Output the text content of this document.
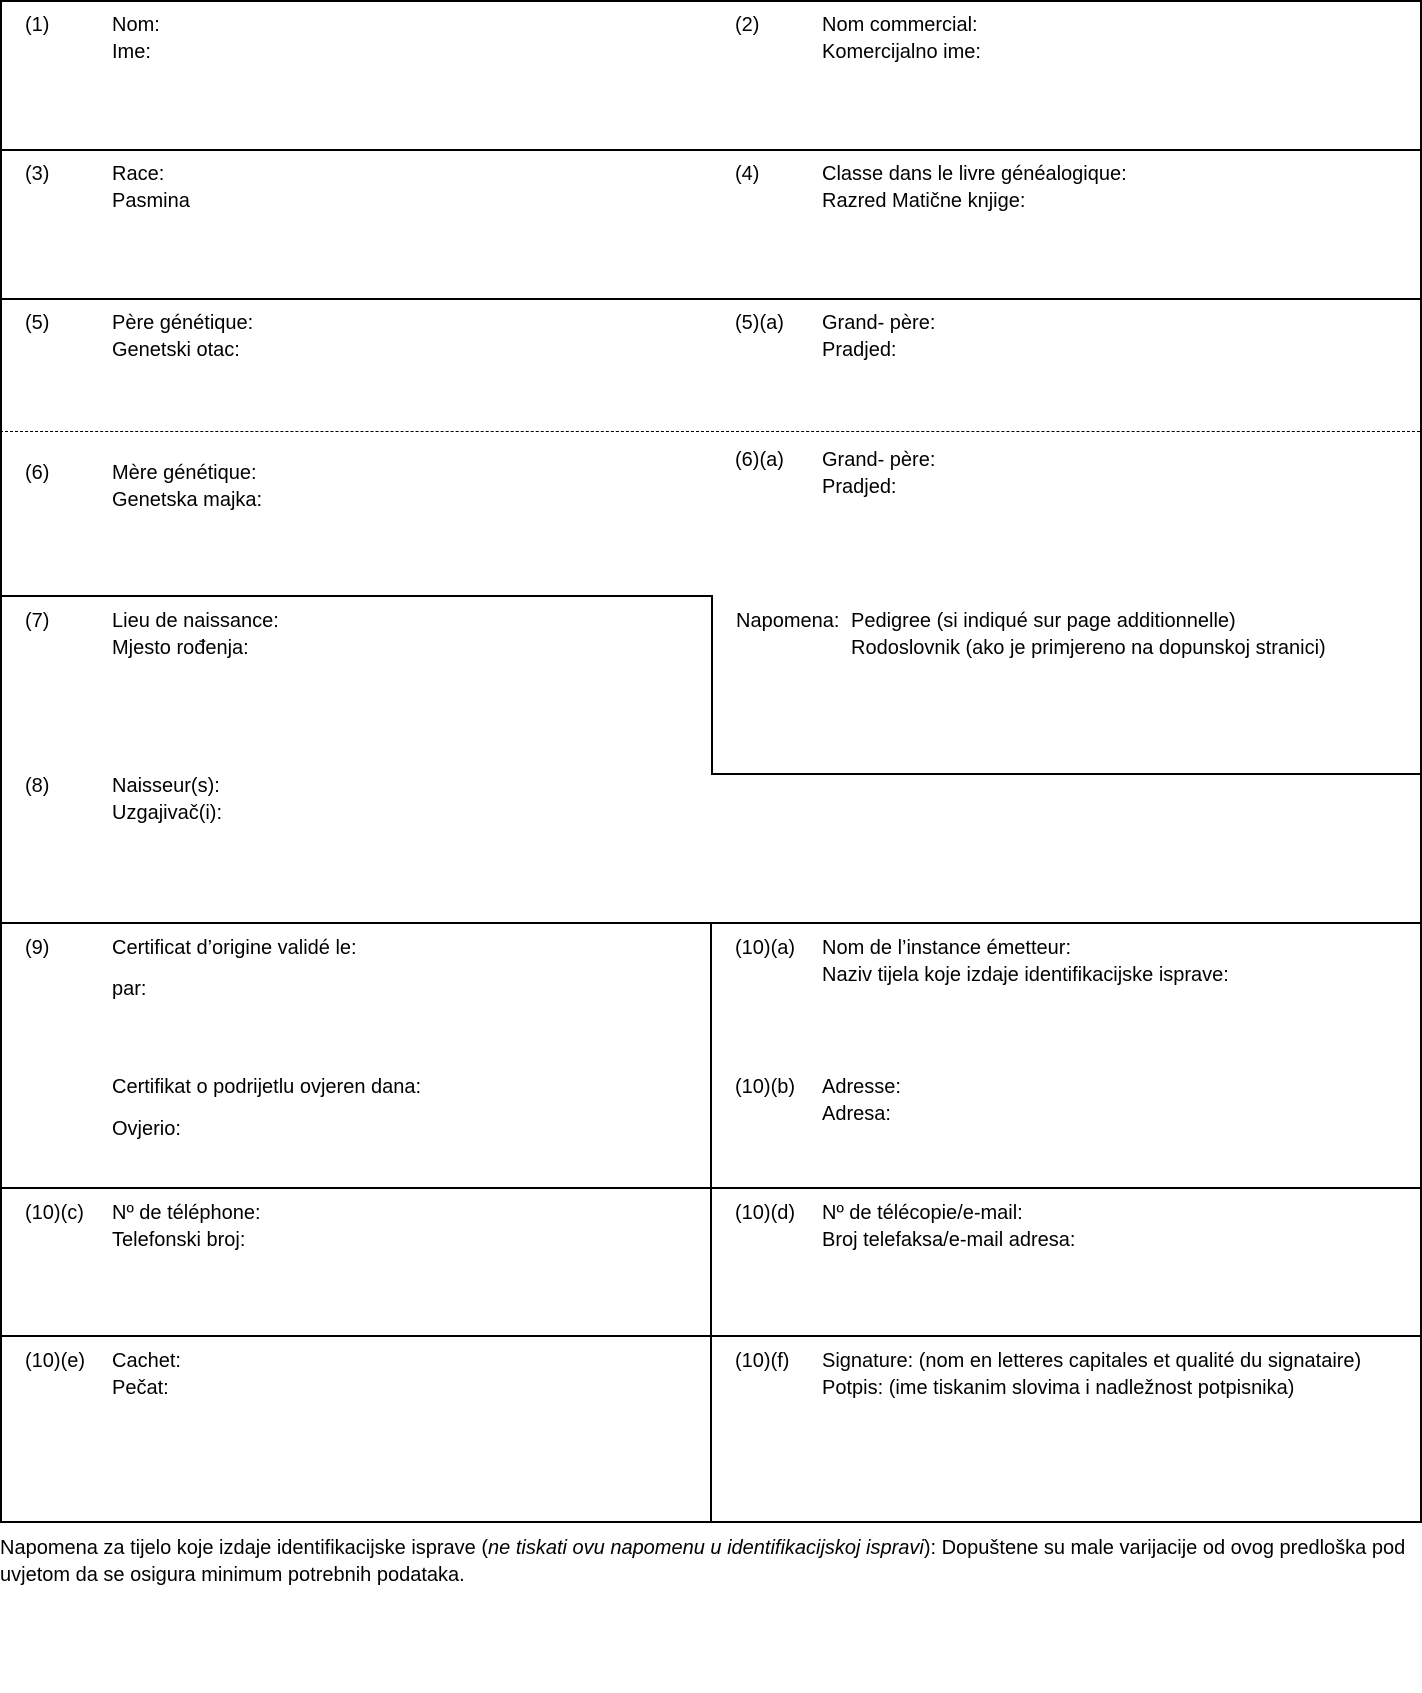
(1)	Nom:
Ime:
(2)	Nom commercial:
Komercijalno ime:
(3)	Race:
Pasmina
(4)	Classe dans le livre généalogique:
Razred Matične knjige:
(5)	Père génétique:
Genetski otac:
(5)(a) Grand- père:
Pradjed:
(6)	Mère génétique:
Genetska majka:
(6)(a) Grand- père:
Pradjed:
(7)	Lieu de naissance:
Mjesto rođenja:
Napomena: Pedigree (si indiqué sur page additionnelle)
Rodoslovnik (ako je primjereno na dopunskoj stranici)
(8)	Naisseur(s):
Uzgajivač(i):
(9)	Certificat d’origine validé le:
par:
Certifikat o podrijetlu ovjeren dana:
Ovjerio:
(10)(a) Nom de l’instance émetteur:
Naziv tijela koje izdaje identifikacijske isprave:
(10)(b) Adresse:
Adresa:
(10)(c) Nº de téléphone:
Telefonski broj:
(10)(d) Nº de télécopie/e-mail:
Broj telefaksa/e-mail adresa:
(10)(e) Cachet:
Pečat:
(10)(f) Signature: (nom en letteres capitales et qualité du signataire)
Potpis: (ime tiskanim slovima i nadležnost potpisnika)
Napomena za tijelo koje izdaje identifikacijske isprave (ne tiskati ovu napomenu u identifikacijskoj ispravi): Dopuštene su male varijacije od ovog predloška pod uvjetom da se osigura minimum potrebnih podataka.
